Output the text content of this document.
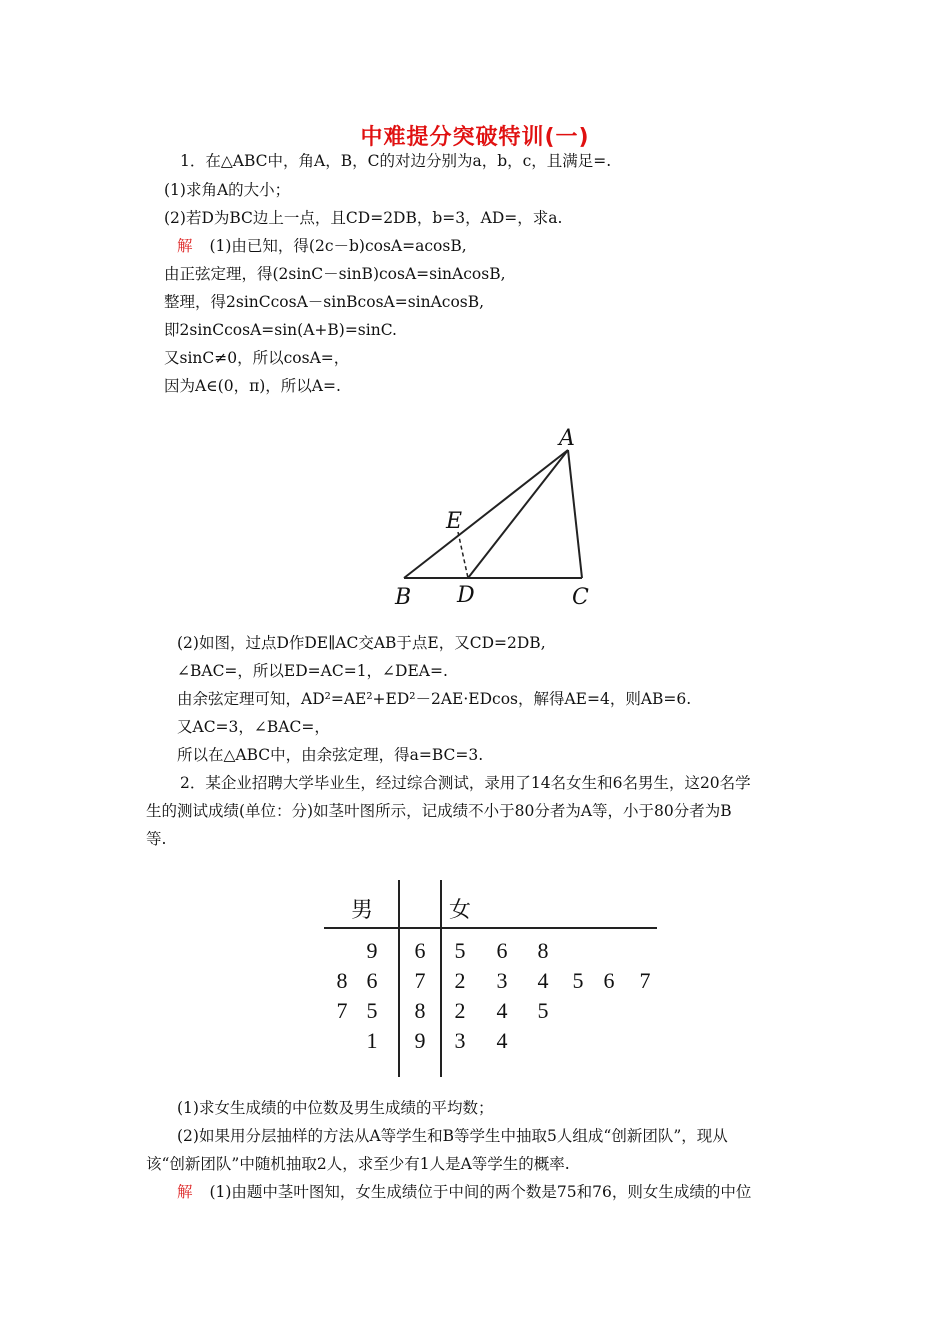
中难提分突破特训(一)
1．在△ABC中，角A，B，C的对边分别为a，b，c，且满足=.
(1)求角A的大小；
(2)若D为BC边上一点，且CD=2DB，b=3，AD=，求a.
解 (1)由已知，得(2c－b)cosA=acosB,
由正弦定理，得(2sinC－sinB)cosA=sinAcosB,
整理，得2sinCcosA－sinBcosA=sinAcosB,
即2sinCcosA=sin(A+B)=sinC.
又sinC≠0，所以cosA=，
因为A∈(0，π)，所以A=.
A
B	C
D
E
(2)如图，过点D作DE∥AC交AB于点E，又CD=2DB,
∠BAC=，所以ED=AC=1，∠DEA=.
由余弦定理可知，AD²=AE²+ED²－2AE·EDcos，解得AE=4，则AB=6.
又AC=3，∠BAC=，
所以在△ABC中，由余弦定理，得a=BC=3.
2．某企业招聘大学毕业生，经过综合测试，录用了14名女生和6名男生，这20名学
生的测试成绩(单位：分)如茎叶图所示，记成绩不小于80分者为A等，小于80分者为B
等.
男	女
9 6 5 6 8
8 6 7 2 3 4 5 6 7
7 5 8 2 4 5
1 9 3 4
(1)求女生成绩的中位数及男生成绩的平均数；
(2)如果用分层抽样的方法从A等学生和B等学生中抽取5人组成“创新团队”，现从
该“创新团队”中随机抽取2人，求至少有1人是A等学生的概率.
解 (1)由题中茎叶图知，女生成绩位于中间的两个数是75和76，则女生成绩的中位
